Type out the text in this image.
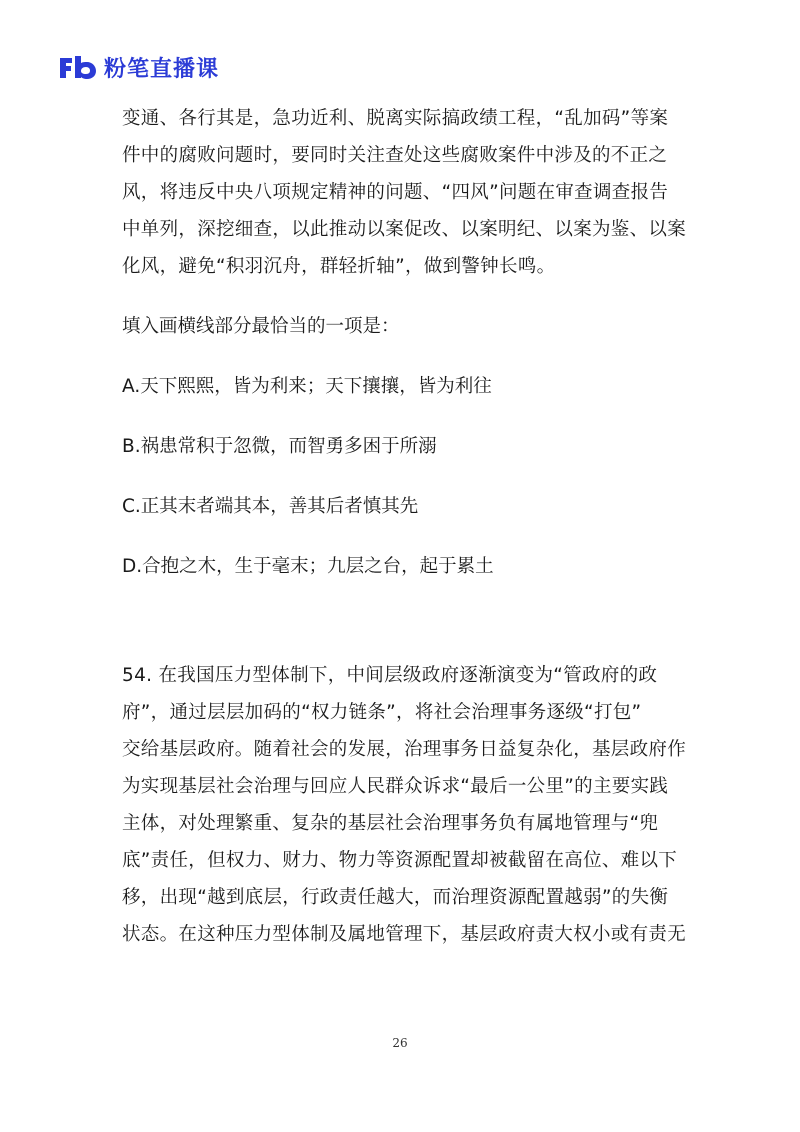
粉笔直播课
变通、各行其是，急功近利、脱离实际搞政绩工程，“乱加码”等案
件中的腐败问题时，要同时关注查处这些腐败案件中涉及的不正之
风，将违反中央八项规定精神的问题、“四风”问题在审查调查报告
中单列，深挖细查，以此推动以案促改、以案明纪、以案为鉴、以案
化风，避免“积羽沉舟，群轻折轴”，做到警钟长鸣。
填入画横线部分最恰当的一项是：
A.天下熙熙，皆为利来；天下攘攘，皆为利往
B.祸患常积于忽微，而智勇多困于所溺
C.正其末者端其本，善其后者慎其先
D.合抱之木，生于毫末；九层之台，起于累土
54. 在我国压力型体制下，中间层级政府逐渐演变为“管政府的政
府”，通过层层加码的“权力链条”，将社会治理事务逐级“打包”
交给基层政府。随着社会的发展，治理事务日益复杂化，基层政府作
为实现基层社会治理与回应人民群众诉求“最后一公里”的主要实践
主体，对处理繁重、复杂的基层社会治理事务负有属地管理与“兜
底”责任，但权力、财力、物力等资源配置却被截留在高位、难以下
移，出现“越到底层，行政责任越大，而治理资源配置越弱”的失衡
状态。在这种压力型体制及属地管理下，基层政府责大权小或有责无
26
